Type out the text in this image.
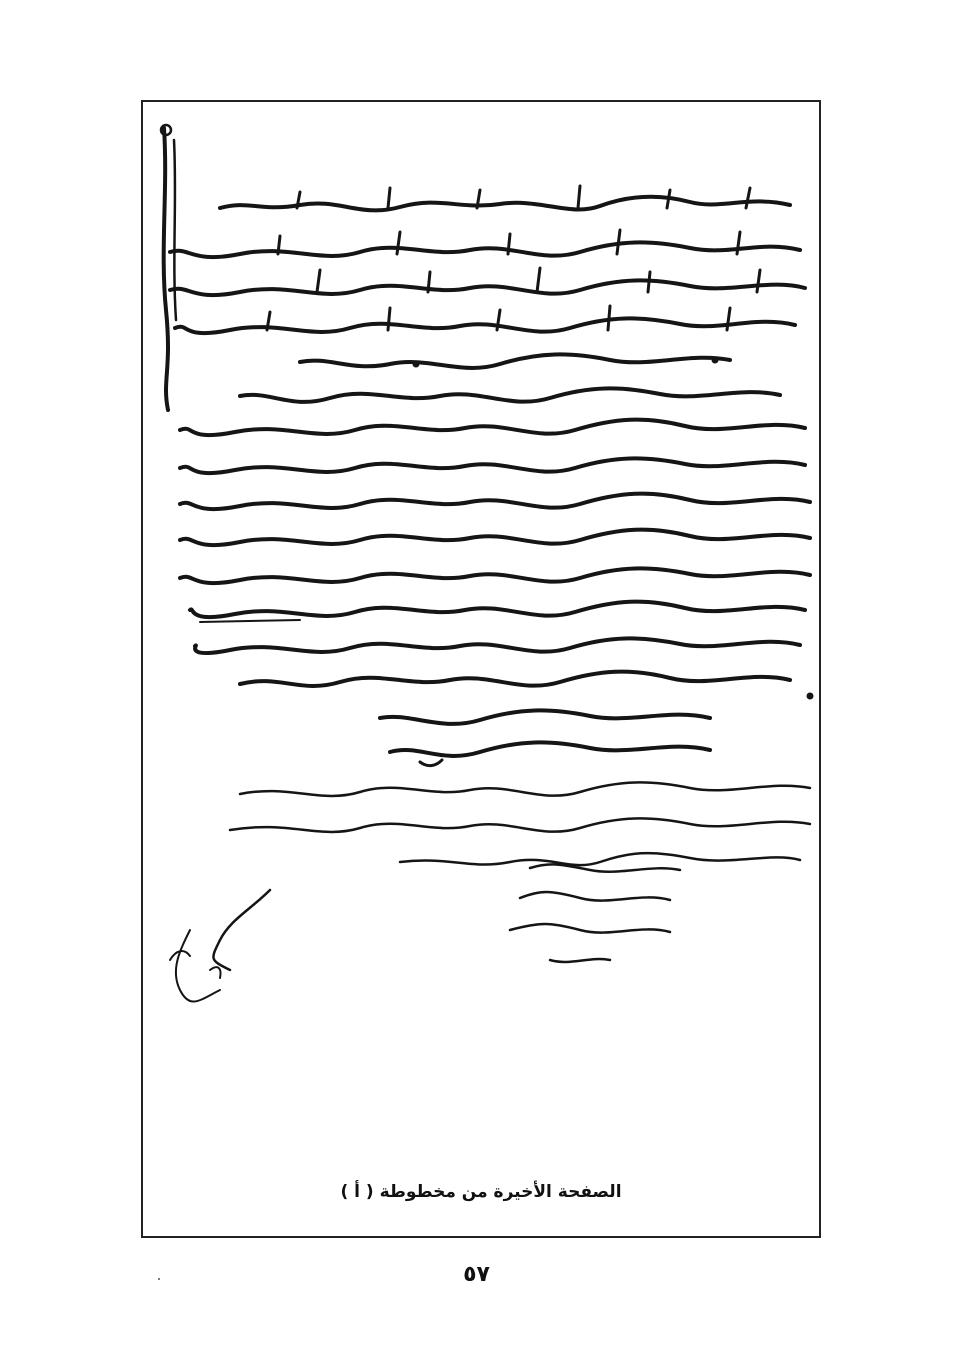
الصفحة الأخيرة من مخطوطة ( أ )
٥٧
